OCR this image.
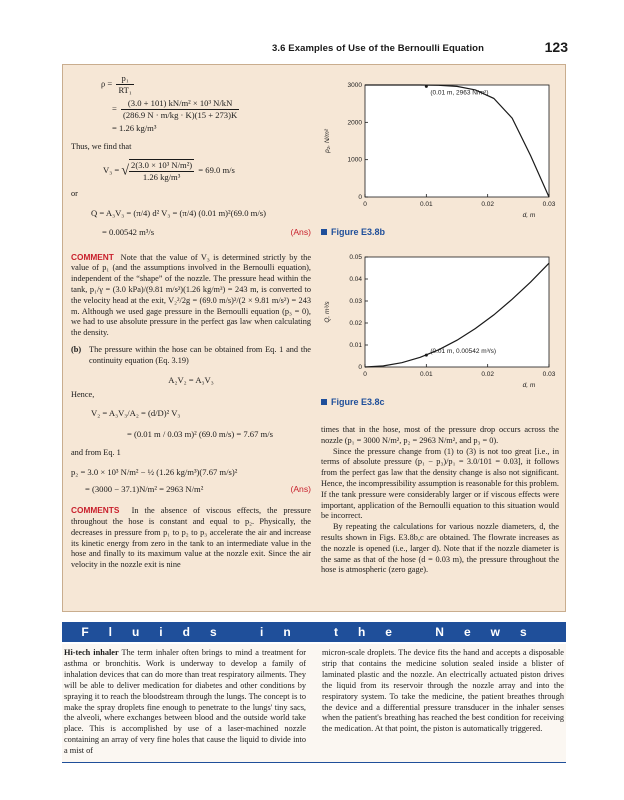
3.6 Examples of Use of the Bernoulli Equation	123
$\rho = \frac{\text{p₁}}{\text{RT₁}}$
= $\frac{\text{(3.0 + 101) kN/m² × 10³ N/kN}}{(286.9 N \cdot m/kg \cdot K)(15 + 273)K}$
= 1.26 kg/m³
Thus, we find that
V₃ = √ $\frac{\text{2(3.0 × 10³ N/m²)}}{\text{1.26 kg/m³}} = 69.0$ m/s
or
Q = A₃V₃ = (π/4) d² V₃ = (π/4) (0.01 m)²(69.0 m/s)
= 0.00542 m³/s	(Ans)
COMMENT Note that the value of V₃ is determined strictly by the value of p₁ (and the assumptions involved in the Bernoulli equation), independent of the “shape” of the nozzle. The pressure head within the tank, p₁/γ = (3.0 kPa)/(9.81 m/s²)(1.26 kg/m³) = 243 m, is converted to the velocity head at the exit, V₂²/2g = (69.0 m/s)²/(2 × 9.81 m/s²) = 243 m. Although we used gage pressure in the Bernoulli equation (p₃ = 0), we had to use absolute pressure in the perfect gas law when calculating the density.
(b) The pressure within the hose can be obtained from Eq. 1 and the continuity equation (Eq. 3.19)
A₂V₂ = A₃V₃
Hence,
V₂ = A₃V₃/A₂ = (d/D)² V₃
= (0.01 m / 0.03 m)² (69.0 m/s) = 7.67 m/s
and from Eq. 1
p₂ = 3.0 × 10³ N/m² − ½ (1.26 kg/m³)(7.67 m/s)²
= (3000 − 37.1)N/m² = 2963 N/m²	(Ans)
COMMENTS In the absence of viscous effects, the pressure throughout the hose is constant and equal to p₂. Physically, the decreases in pressure from p₁ to p₂ to p₃ accelerate the air and increase its kinetic energy from zero in the tank to an intermediate value in the hose and finally to its maximum value at the nozzle exit. Since the air velocity in the nozzle exit is nine
0	0.01	0.02	0.03
0
1000
2000
3000
d, m
p₂, N/m²
(0.01 m, 2963 N/m²)
Figure E3.8b
0	0.01	0.02	0.03
0
0.01
0.02
0.03
0.04
0.05
d, m
Q, m³/s
(0.01 m, 0.00542 m³/s)
Figure E3.8c
times that in the hose, most of the pressure drop occurs across the nozzle (p₁ = 3000 N/m², p₂ = 2963 N/m², and p₃ = 0).
Since the pressure change from (1) to (3) is not too great [i.e., in terms of absolute pressure (p₁ − p₃)/p₁ = 3.0/101 = 0.03], it follows from the perfect gas law that the density change is also not significant. Hence, the incompressibility assumption is reasonable for this problem. If the tank pressure were considerably larger or if viscous effects were important, application of the Bernoulli equation to this situation would be incorrect.
By repeating the calculations for various nozzle diameters, d, the results shown in Figs. E3.8b,c are obtained. The flowrate increases as the nozzle is opened (i.e., larger d). Note that if the nozzle diameter is the same as that of the hose (d = 0.03 m), the pressure throughout the hose is atmospheric (zero gage).
Fluids in the News
Hi-tech inhaler The term inhaler often brings to mind a treatment for asthma or bronchitis. Work is underway to develop a family of inhalation devices that can do more than treat respiratory ailments. They will be able to deliver medication for diabetes and other conditions by spraying it to reach the bloodstream through the lungs. The concept is to make the spray droplets fine enough to penetrate to the lungs' tiny sacs, the alveoli, where exchanges between blood and the outside world take place. This is accomplished by use of a laser-machined nozzle containing an array of very fine holes that cause the liquid to divide into a mist of
micron-scale droplets. The device fits the hand and accepts a disposable strip that contains the medicine solution sealed inside a blister of laminated plastic and the nozzle. An electrically actuated piston drives the liquid from its reservoir through the nozzle array and into the respiratory system. To take the medicine, the patient breathes through the device and a differential pressure transducer in the inhaler senses when the patient's breathing has reached the best condition for receiving the medication. At that point, the piston is automatically triggered.
